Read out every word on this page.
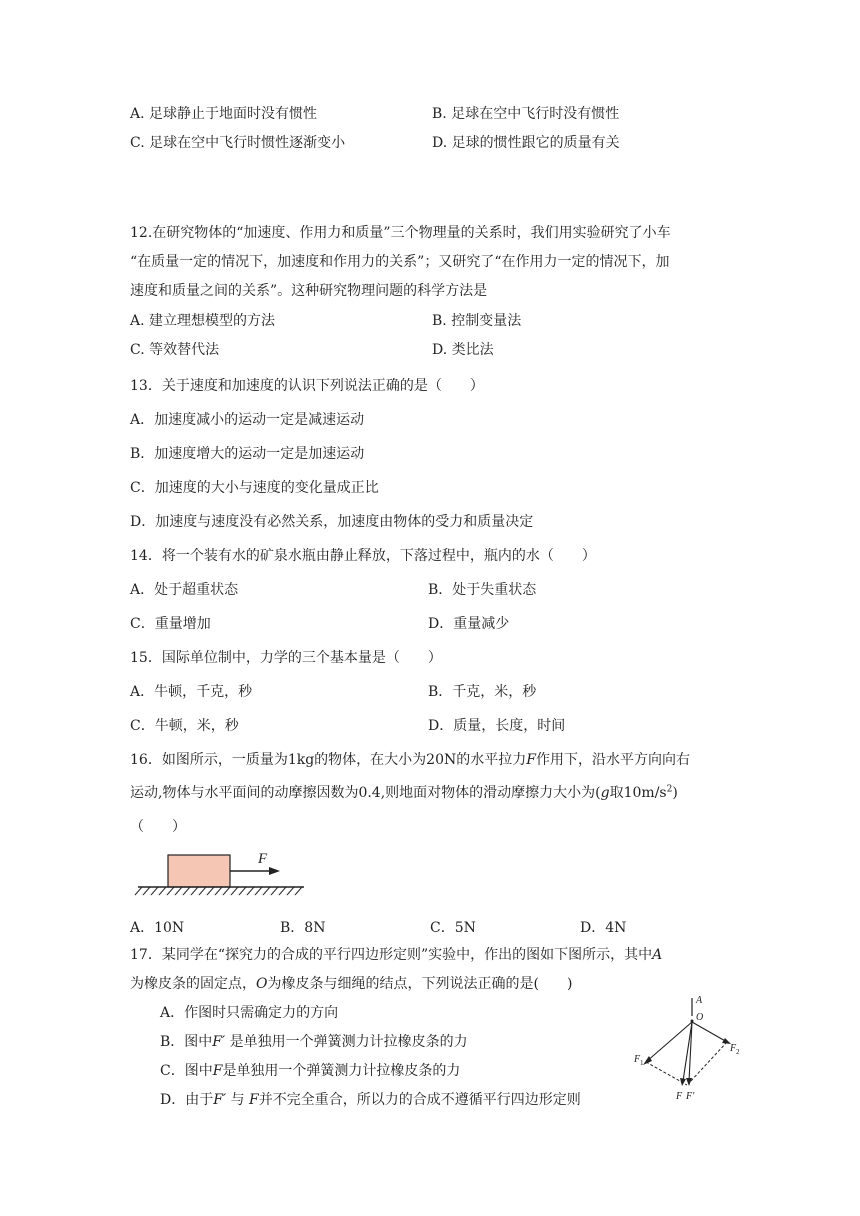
A. 足球静止于地面时没有惯性	B. 足球在空中飞行时没有惯性
C. 足球在空中飞行时惯性逐渐变小	D. 足球的惯性跟它的质量有关
12.在研究物体的“加速度、作用力和质量”三个物理量的关系时，我们用实验研究了小车
“在质量一定的情况下，加速度和作用力的关系”；又研究了“在作用力一定的情况下，加
速度和质量之间的关系”。这种研究物理问题的科学方法是
A. 建立理想模型的方法	B. 控制变量法
C. 等效替代法	D. 类比法
13．关于速度和加速度的认识下列说法正确的是（　　）
A．加速度减小的运动一定是减速运动
B．加速度增大的运动一定是加速运动
C．加速度的大小与速度的变化量成正比
D．加速度与速度没有必然关系，加速度由物体的受力和质量决定
14．将一个装有水的矿泉水瓶由静止释放，下落过程中，瓶内的水（　　）
A．处于超重状态	B．处于失重状态
C．重量增加	D．重量减少
15．国际单位制中，力学的三个基本量是（　　）
A．牛顿，千克，秒	B．千克，米，秒
C．牛顿，米，秒	D．质量，长度，时间
16．如图所示，一质量为1kg的物体，在大小为20N的水平拉力F作用下，沿水平方向向右
运动,物体与水平面间的动摩擦因数为0.4,则地面对物体的滑动摩擦力大小为(g取$10m/s^2$)
（　　）
F
A．10N	B．8N	C．5N	D．4N
17．某同学在“探究力的合成的平行四边形定则”实验中，作出的图如下图所示，其中A
为橡皮条的固定点，O为橡皮条与细绳的结点，下列说法正确的是(　　)
A．作图时只需确定力的方向
B．图中F′ 是单独用一个弹簧测力计拉橡皮条的力
C．图中F是单独用一个弹簧测力计拉橡皮条的力
D．由于F′ 与 F并不完全重合，所以力的合成不遵循平行四边形定则
A
O
F
F
F F′
1
2
